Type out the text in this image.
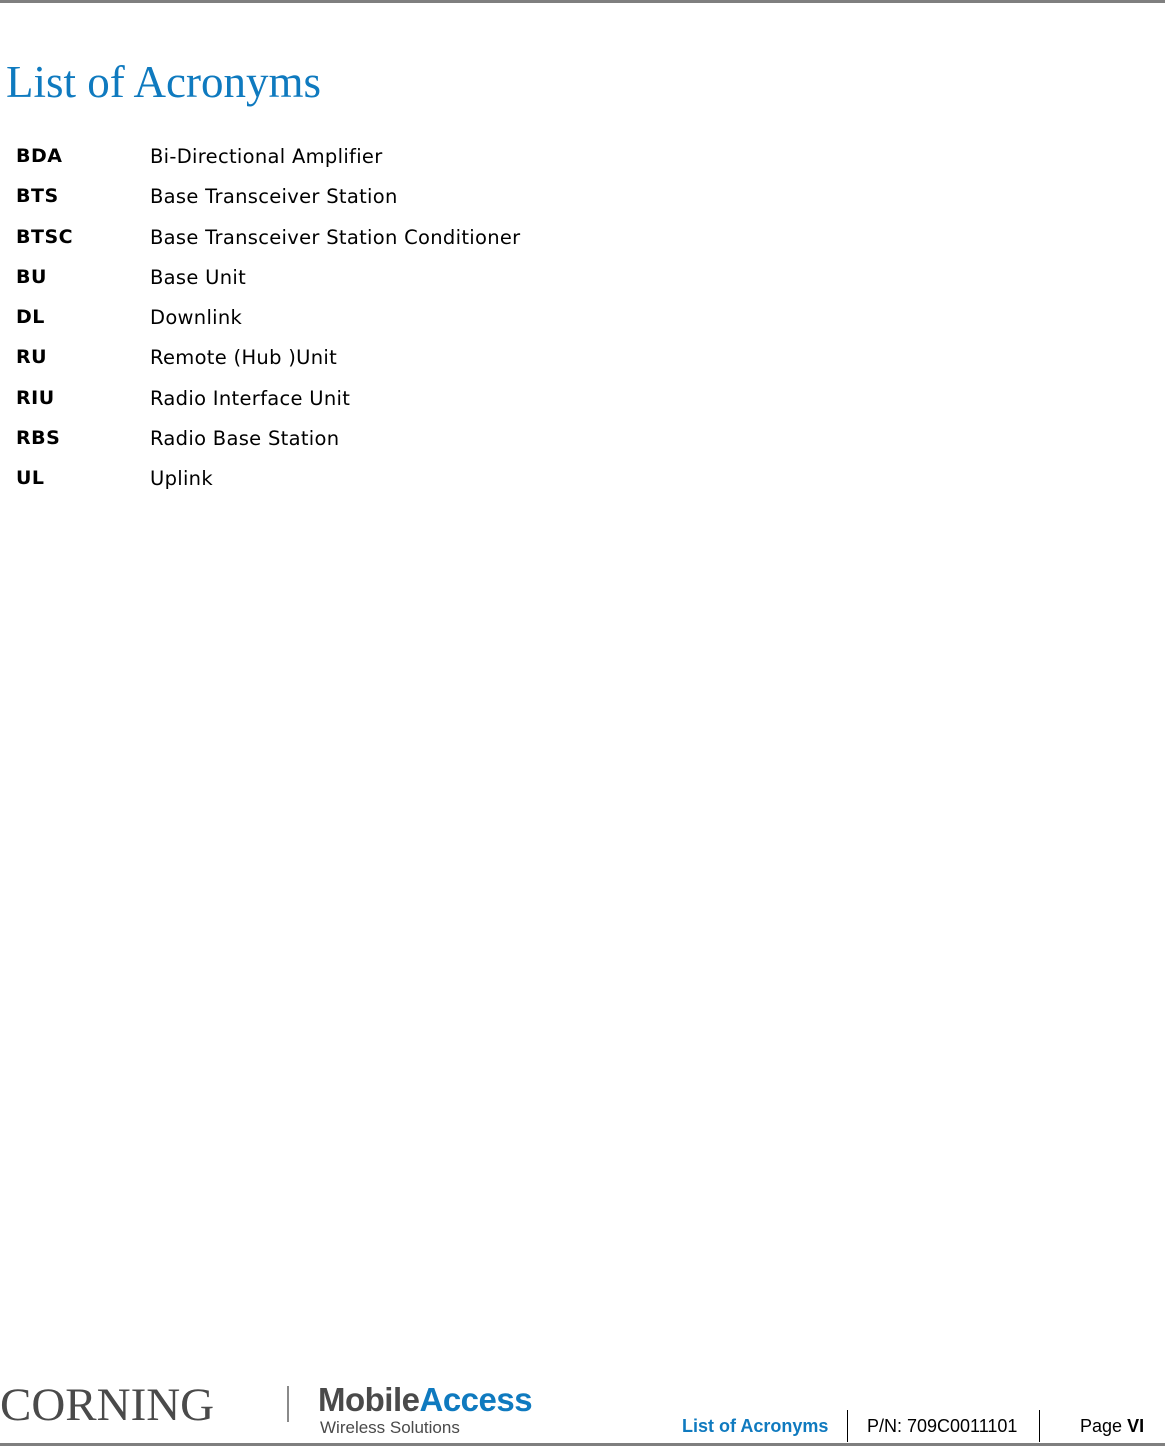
List of Acronyms
BDA	Bi-Directional Amplifier
BTS	Base Transceiver Station
BTSC	Base Transceiver Station Conditioner
BU	Base Unit
DL	Downlink
RU	Remote (Hub )Unit
RIU	Radio Interface Unit
RBS	Radio Base Station
UL	Uplink
CORNING	MobileAccess
Wireless Solutions	List of Acronyms P/N: 709C0011101	Page VI
